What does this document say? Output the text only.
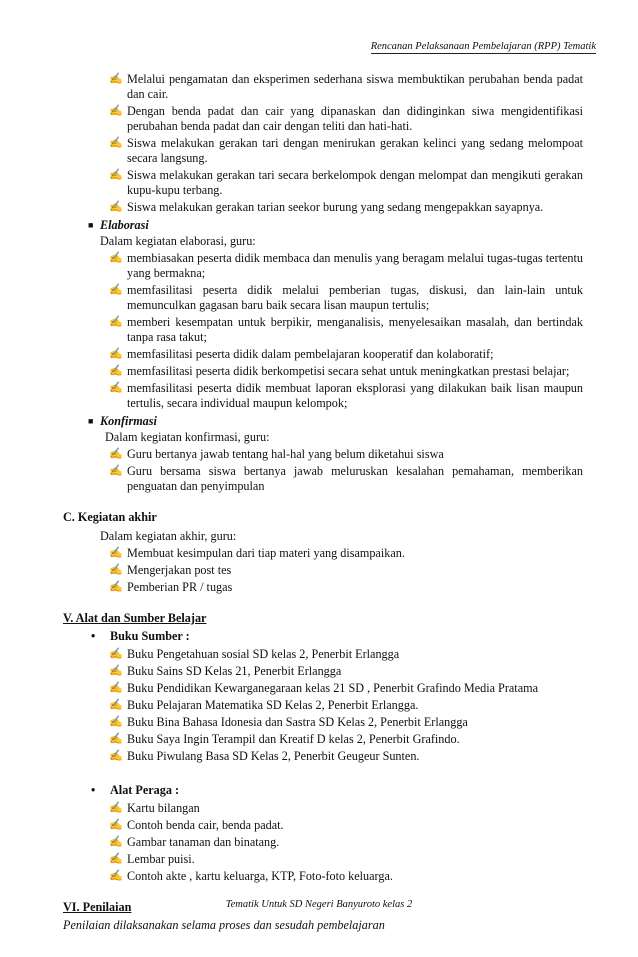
Rencanan Pelaksanaan Pembelajaran (RPP) Tematik
✍ Melalui pengamatan dan eksperimen sederhana siswa membuktikan perubahan benda padat dan cair.
✍ Dengan benda padat dan cair yang dipanaskan dan didinginkan siwa mengidentifikasi perubahan benda padat dan cair dengan teliti dan hati-hati.
✍ Siswa melakukan gerakan tari dengan menirukan gerakan kelinci yang sedang melompoat secara langsung.
✍ Siswa melakukan gerakan tari secara berkelompok dengan melompat dan mengikuti gerakan kupu-kupu terbang.
✍ Siswa melakukan gerakan tarian seekor burung yang sedang mengepakkan sayapnya.
■ Elaborasi
Dalam kegiatan elaborasi, guru:
✍ membiasakan peserta didik membaca dan menulis yang beragam melalui tugas-tugas tertentu yang bermakna;
✍ memfasilitasi peserta didik melalui pemberian tugas, diskusi, dan lain-lain untuk memunculkan gagasan baru baik secara lisan maupun tertulis;
✍ memberi kesempatan untuk berpikir, menganalisis, menyelesaikan masalah, dan bertindak tanpa rasa takut;
✍ memfasilitasi peserta didik dalam pembelajaran kooperatif dan kolaboratif;
✍ memfasilitasi peserta didik berkompetisi secara sehat untuk meningkatkan prestasi belajar;
✍ memfasilitasi peserta didik membuat laporan eksplorasi yang dilakukan baik lisan maupun tertulis, secara individual maupun kelompok;
■ Konfirmasi
Dalam kegiatan konfirmasi, guru:
✍ Guru bertanya jawab tentang hal-hal yang belum diketahui siswa
✍ Guru bersama siswa bertanya jawab meluruskan kesalahan pemahaman, memberikan penguatan dan penyimpulan
C. Kegiatan akhir
Dalam kegiatan akhir, guru:
✍ Membuat kesimpulan dari tiap materi yang disampaikan.
✍ Mengerjakan post tes
✍ Pemberian PR / tugas
V. Alat dan Sumber Belajar
• Buku Sumber :
✍ Buku Pengetahuan sosial SD kelas 2, Penerbit Erlangga
✍ Buku Sains SD Kelas 21, Penerbit Erlangga
✍ Buku Pendidikan Kewarganegaraan kelas 21 SD , Penerbit Grafindo Media Pratama
✍ Buku Pelajaran Matematika SD Kelas 2, Penerbit Erlangga.
✍ Buku Bina Bahasa Idonesia dan Sastra SD Kelas 2, Penerbit Erlangga
✍ Buku Saya Ingin Terampil dan Kreatif D kelas 2, Penerbit Grafindo.
✍ Buku Piwulang Basa SD Kelas 2, Penerbit Geugeur Sunten.
• Alat Peraga :
✍ Kartu bilangan
✍ Contoh benda cair, benda padat.
✍ Gambar tanaman dan binatang.
✍ Lembar puisi.
✍ Contoh akte , kartu keluarga, KTP, Foto-foto keluarga.
VI. Penilaian
Penilaian dilaksanakan selama proses dan sesudah pembelajaran
Tematik Untuk SD Negeri Banyuroto kelas 2
